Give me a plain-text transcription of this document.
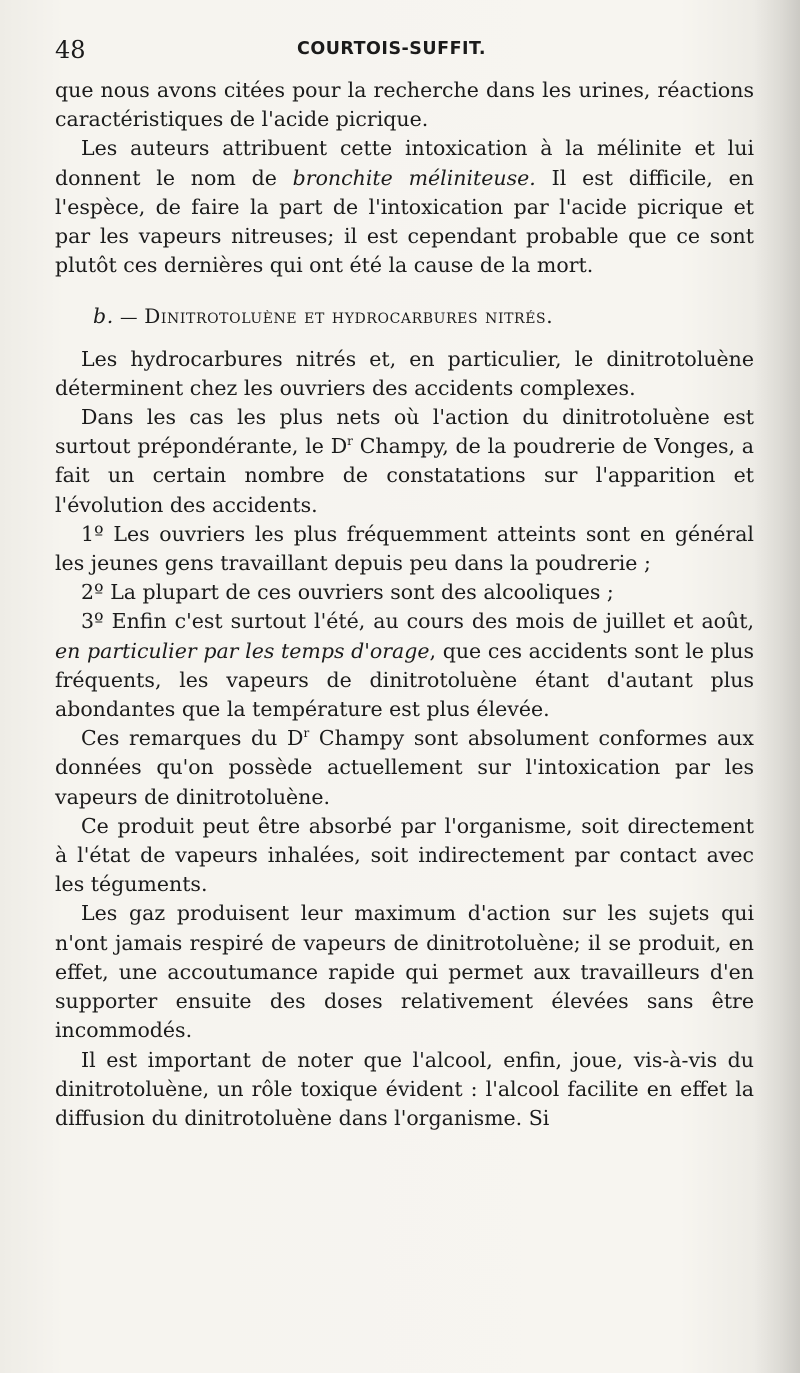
48	COURTOIS-SUFFIT.

que nous avons citées pour la recherche dans les urines, réactions caractéristiques de l'acide picrique.

Les auteurs attribuent cette intoxication à la mélinite et lui donnent le nom de bronchite méliniteuse. Il est difficile, en l'espèce, de faire la part de l'intoxication par l'acide picrique et par les vapeurs nitreuses; il est cependant probable que ce sont plutôt ces dernières qui ont été la cause de la mort.

b. — Dinitrotoluène et hydrocarbures nitrés.

Les hydrocarbures nitrés et, en particulier, le dinitrotoluène déterminent chez les ouvriers des accidents complexes.

Dans les cas les plus nets où l'action du dinitrotoluène est surtout prépondérante, le $D^r$ Champy, de la poudrerie de Vonges, a fait un certain nombre de constatations sur l'apparition et l'évolution des accidents.

1º Les ouvriers les plus fréquemment atteints sont en général les jeunes gens travaillant depuis peu dans la poudrerie ;

2º La plupart de ces ouvriers sont des alcooliques ;

3º Enfin c'est surtout l'été, au cours des mois de juillet et août, en particulier par les temps d'orage, que ces accidents sont le plus fréquents, les vapeurs de dinitrotoluène étant d'autant plus abondantes que la température est plus élevée.

Ces remarques du $D^r$ Champy sont absolument conformes aux données qu'on possède actuellement sur l'intoxication par les vapeurs de dinitrotoluène.

Ce produit peut être absorbé par l'organisme, soit directement à l'état de vapeurs inhalées, soit indirectement par contact avec les téguments.

Les gaz produisent leur maximum d'action sur les sujets qui n'ont jamais respiré de vapeurs de dinitrotoluène; il se produit, en effet, une accoutumance rapide qui permet aux travailleurs d'en supporter ensuite des doses relativement élevées sans être incommodés.

Il est important de noter que l'alcool, enfin, joue, vis-à-vis du dinitrotoluène, un rôle toxique évident : l'alcool facilite en effet la diffusion du dinitrotoluène dans l'organisme. Si
